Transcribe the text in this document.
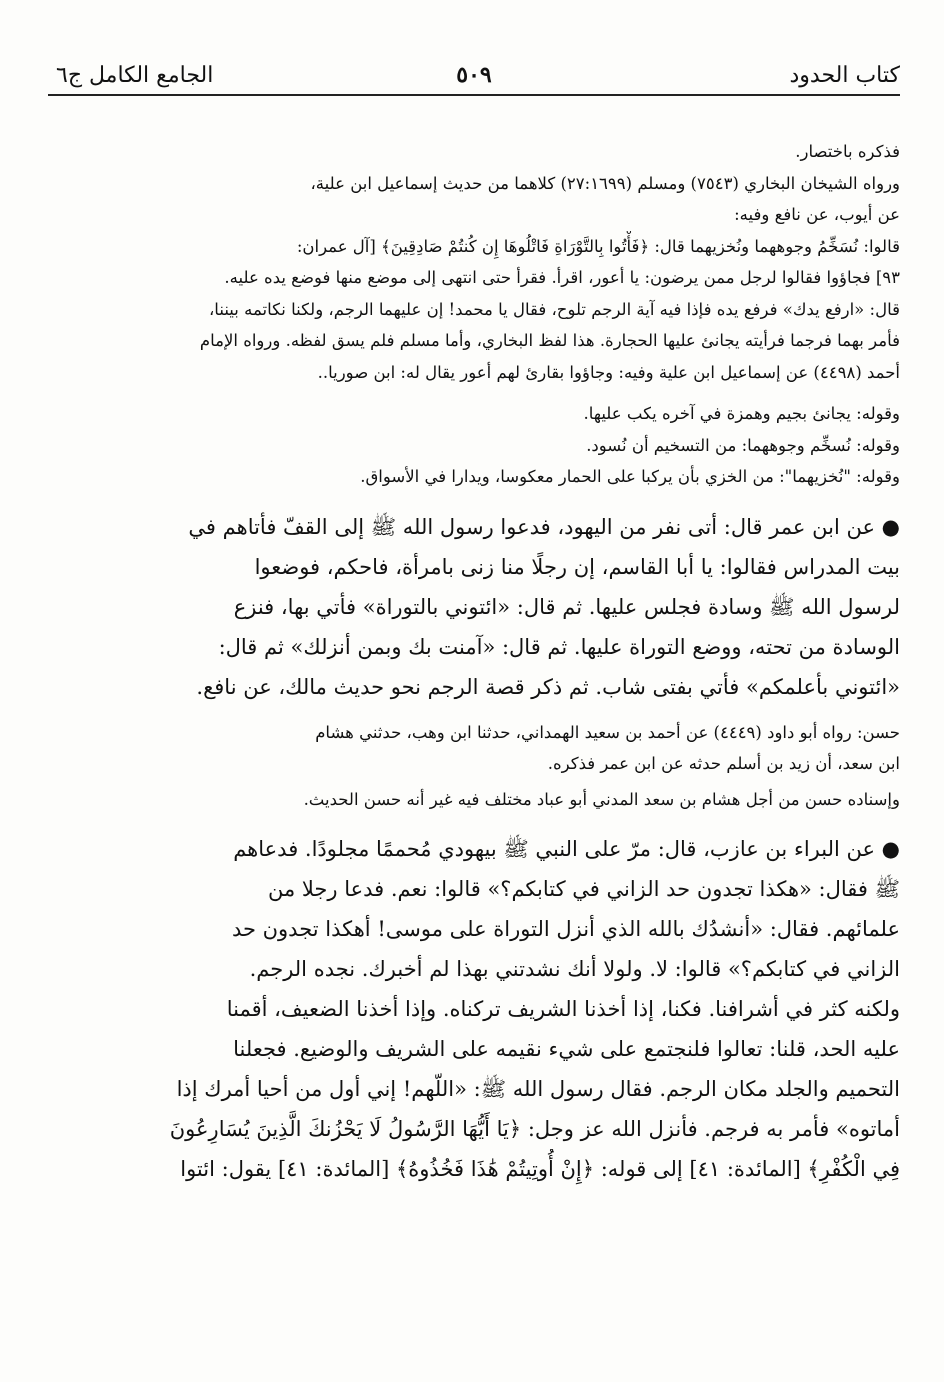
كتاب الحدود
٥٠٩
الجامع الكامل ج٦

فذكره باختصار.

ورواه الشيخان البخاري (٧٥٤٣) ومسلم (٢٧:١٦٩٩) كلاهما من حديث إسماعيل ابن علية،

عن أيوب، عن نافع وفيه:

قالوا: نُسَخِّمُ وجوههما ونُخزيهما قال: ﴿فَأْتُوا بِالتَّوْرَاةِ فَاتْلُوهَا إِن كُنتُمْ صَادِقِينَ﴾ [آل عمران:

٩٣] فجاؤوا فقالوا لرجل ممن يرضون: يا أعور، اقرأ. فقرأ حتى انتهى إلى موضع منها فوضع يده عليه.

قال: «ارفع يدك» فرفع يده فإذا فيه آية الرجم تلوح، فقال يا محمد! إن عليهما الرجم، ولكنا نكاتمه بيننا،

فأمر بهما فرجما فرأيته يجانئ عليها الحجارة. هذا لفظ البخاري، وأما مسلم فلم يسق لفظه. ورواه الإمام

أحمد (٤٤٩٨) عن إسماعيل ابن علية وفيه: وجاؤوا بقارئ لهم أعور يقال له: ابن صوريا..

وقوله: يجانئ بجيم وهمزة في آخره يكب عليها.

وقوله: نُسخِّم وجوههما: من التسخيم أن نُسود.

وقوله: "نُخزيهما": من الخزي بأن يركبا على الحمار معكوسا، ويدارا في الأسواق.

● عن ابن عمر قال: أتى نفر من اليهود، فدعوا رسول الله ﷺ إلى القفّ فأتاهم في

بيت المدراس فقالوا: يا أبا القاسم، إن رجلًا منا زنى بامرأة، فاحكم، فوضعوا

لرسول الله ﷺ وسادة فجلس عليها. ثم قال: «ائتوني بالتوراة» فأتي بها، فنزع

الوسادة من تحته، ووضع التوراة عليها. ثم قال: «آمنت بك وبمن أنزلك» ثم قال:

«ائتوني بأعلمكم» فأتي بفتى شاب. ثم ذكر قصة الرجم نحو حديث مالك، عن نافع.

حسن: رواه أبو داود (٤٤٤٩) عن أحمد بن سعيد الهمداني، حدثنا ابن وهب، حدثني هشام

ابن سعد، أن زيد بن أسلم حدثه عن ابن عمر فذكره.

وإسناده حسن من أجل هشام بن سعد المدني أبو عباد مختلف فيه غير أنه حسن الحديث.

● عن البراء بن عازب، قال: مرّ على النبي ﷺ بيهودي مُحممًا مجلودًا. فدعاهم

ﷺ فقال: «هكذا تجدون حد الزاني في كتابكم؟» قالوا: نعم. فدعا رجلا من

علمائهم. فقال: «أنشدُك بالله الذي أنزل التوراة على موسى! أهكذا تجدون حد

الزاني في كتابكم؟» قالوا: لا. ولولا أنك نشدتني بهذا لم أخبرك. نجده الرجم.

ولكنه كثر في أشرافنا. فكنا، إذا أخذنا الشريف تركناه. وإذا أخذنا الضعيف، أقمنا

عليه الحد، قلنا: تعالوا فلنجتمع على شيء نقيمه على الشريف والوضيع. فجعلنا

التحميم والجلد مكان الرجم. فقال رسول الله ﷺ: «اللّهم! إني أول من أحيا أمرك إذا

أماتوه» فأمر به فرجم. فأنزل الله عز وجل: ﴿يَا أَيُّهَا الرَّسُولُ لَا يَحْزُنكَ الَّذِينَ يُسَارِعُونَ

فِي الْكُفْرِ﴾ [المائدة: ٤١] إلى قوله: ﴿إِنْ أُوتِيتُمْ هَٰذَا فَخُذُوهُ﴾ [المائدة: ٤١] يقول: ائتوا
